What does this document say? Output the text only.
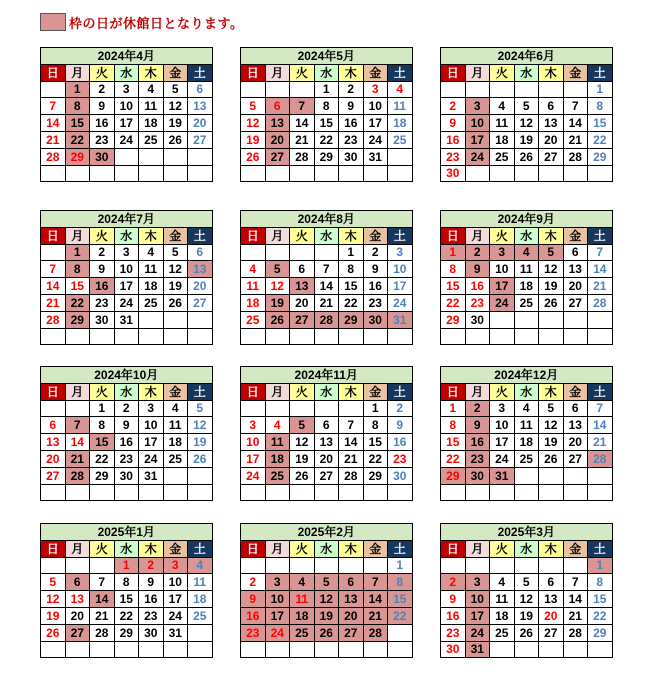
枠の日が休館日となります。
2024年4月						
日	月	火	水	木	金	土
	1	2	3	4	5	6
7	8	9	10	11	12	13
14	15	16	17	18	19	20
21	22	23	24	25	26	27
28	29	30				

2024年5月						
日	月	火	水	木	金	土
			1	2	3	4
5	6	7	8	9	10	11
12	13	14	15	16	17	18
19	20	21	22	23	24	25
26	27	28	29	30	31	

2024年6月						
日	月	火	水	木	金	土
						1
2	3	4	5	6	7	8
9	10	11	12	13	14	15
16	17	18	19	20	21	22
23	24	25	26	27	28	29
30						
2024年7月						
日	月	火	水	木	金	土
	1	2	3	4	5	6
7	8	9	10	11	12	13
14	15	16	17	18	19	20
21	22	23	24	25	26	27
28	29	30	31			

2024年8月						
日	月	火	水	木	金	土
				1	2	3
4	5	6	7	8	9	10
11	12	13	14	15	16	17
18	19	20	21	22	23	24
25	26	27	28	29	30	31

2024年9月						
日	月	火	水	木	金	土
1	2	3	4	5	6	7
8	9	10	11	12	13	14
15	16	17	18	19	20	21
22	23	24	25	26	27	28
29	30					

2024年10月						
日	月	火	水	木	金	土
		1	2	3	4	5
6	7	8	9	10	11	12
13	14	15	16	17	18	19
20	21	22	23	24	25	26
27	28	29	30	31		

2024年11月						
日	月	火	水	木	金	土
					1	2
3	4	5	6	7	8	9
10	11	12	13	14	15	16
17	18	19	20	21	22	23
24	25	26	27	28	29	30

2024年12月						
日	月	火	水	木	金	土
1	2	3	4	5	6	7
8	9	10	11	12	13	14
15	16	17	18	19	20	21
22	23	24	25	26	27	28
29	30	31				

2025年1月						
日	月	火	水	木	金	土
			1	2	3	4
5	6	7	8	9	10	11
12	13	14	15	16	17	18
19	20	21	22	23	24	25
26	27	28	29	30	31	

2025年2月						
日	月	火	水	木	金	土
						1
2	3	4	5	6	7	8
9	10	11	12	13	14	15
16	17	18	19	20	21	22
23	24	25	26	27	28	

2025年3月						
日	月	火	水	木	金	土
						1
2	3	4	5	6	7	8
9	10	11	12	13	14	15
16	17	18	19	20	21	22
23	24	25	26	27	28	29
30	31					
